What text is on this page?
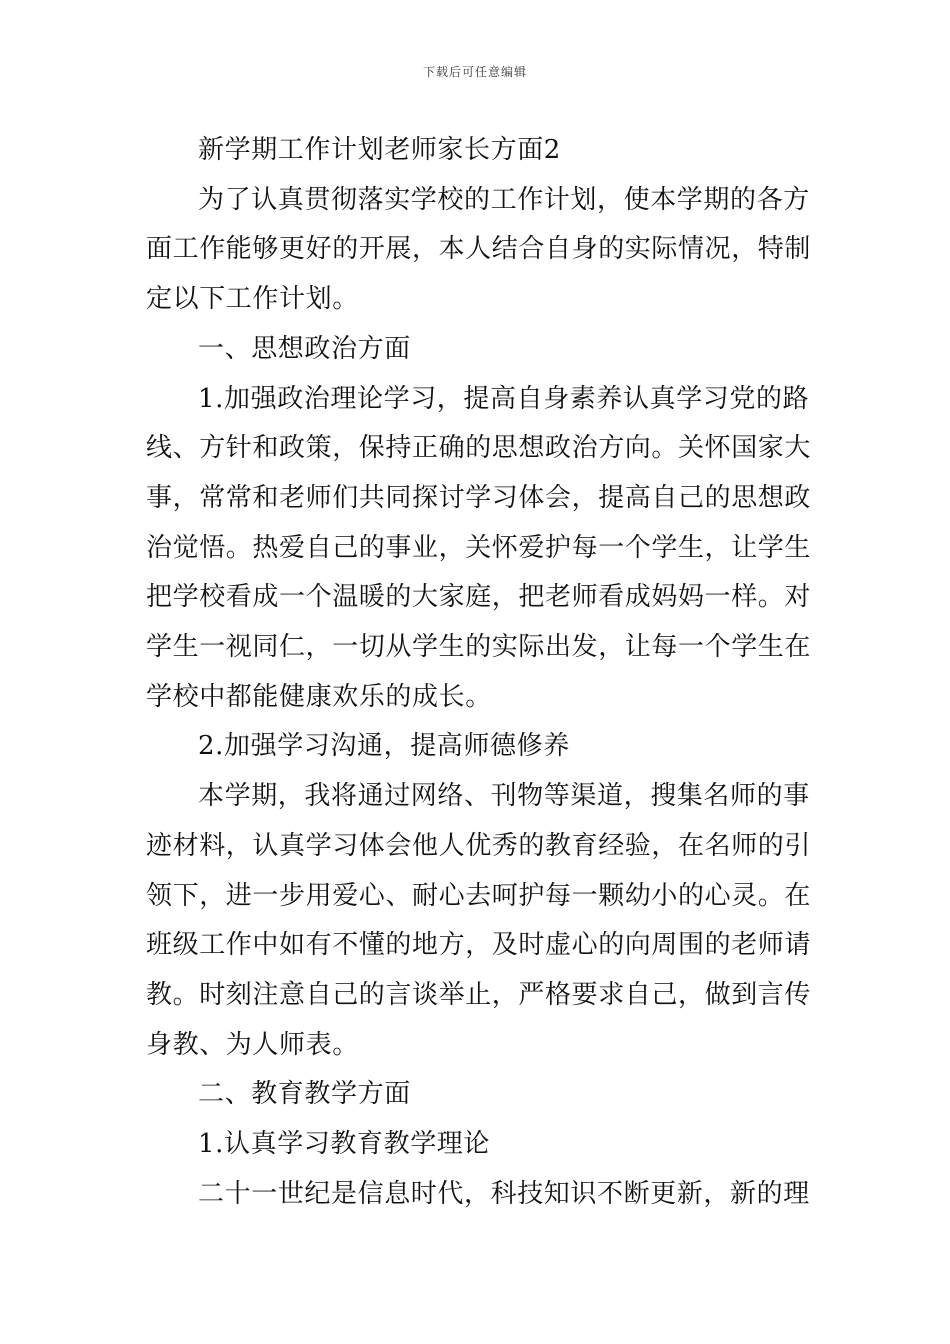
下载后可任意编辑
新学期工作计划老师家长方面2
为了认真贯彻落实学校的工作计划，使本学期的各方
面工作能够更好的开展，本人结合自身的实际情况，特制
定以下工作计划。
一、思想政治方面
1.加强政治理论学习，提高自身素养认真学习党的路
线、方针和政策，保持正确的思想政治方向。关怀国家大
事，常常和老师们共同探讨学习体会，提高自己的思想政
治觉悟。热爱自己的事业，关怀爱护每一个学生，让学生
把学校看成一个温暖的大家庭，把老师看成妈妈一样。对
学生一视同仁，一切从学生的实际出发，让每一个学生在
学校中都能健康欢乐的成长。
2.加强学习沟通，提高师德修养
本学期，我将通过网络、刊物等渠道，搜集名师的事
迹材料，认真学习体会他人优秀的教育经验，在名师的引
领下，进一步用爱心、耐心去呵护每一颗幼小的心灵。在
班级工作中如有不懂的地方，及时虚心的向周围的老师请
教。时刻注意自己的言谈举止，严格要求自己，做到言传
身教、为人师表。
二、教育教学方面
1.认真学习教育教学理论
二十一世纪是信息时代，科技知识不断更新，新的理
